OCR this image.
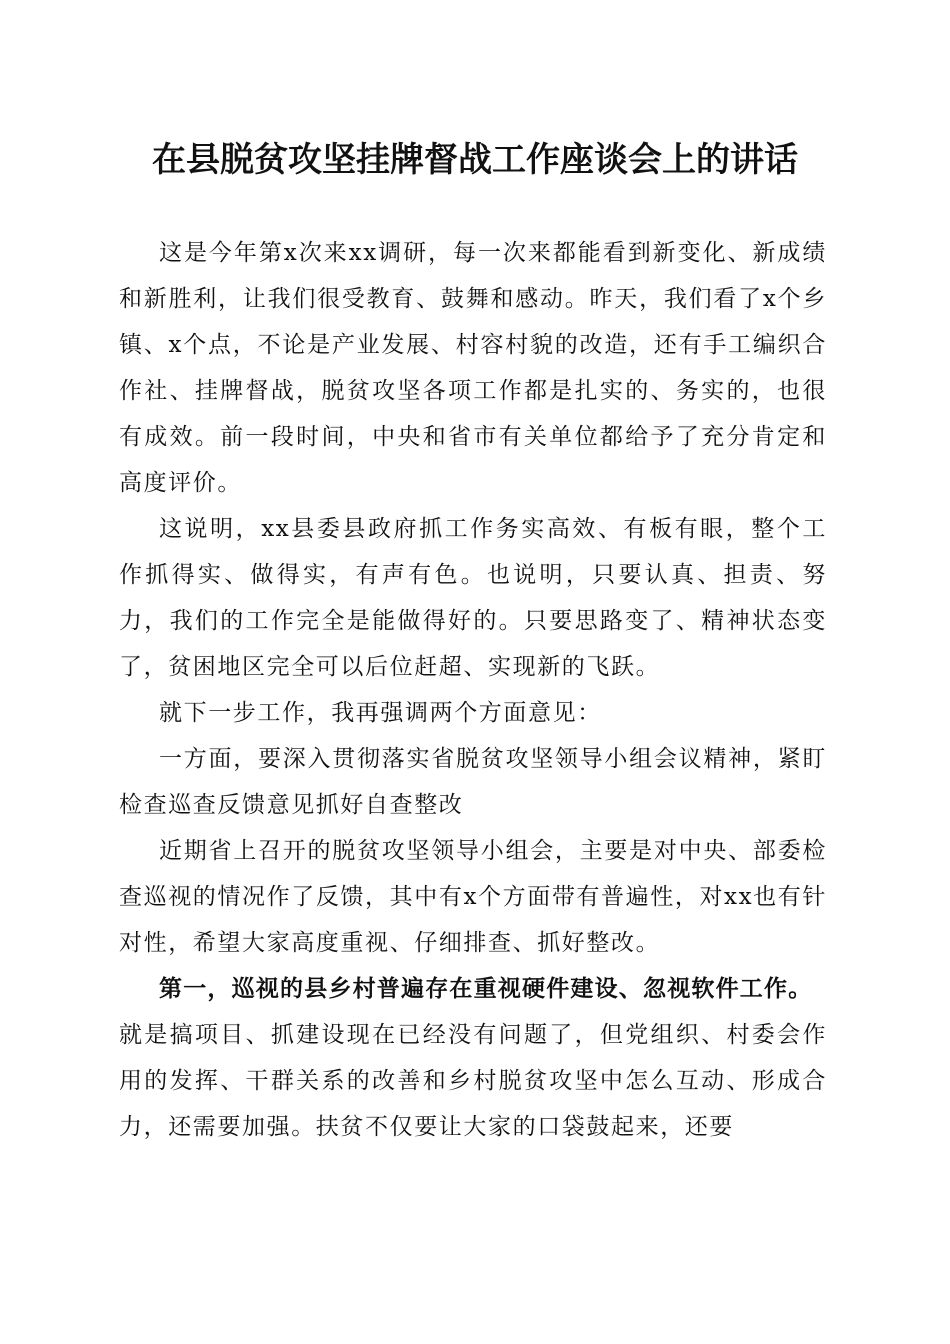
在县脱贫攻坚挂牌督战工作座谈会上的讲话

这是今年第x次来xx调研，每一次来都能看到新变化、新成绩和新胜利，让我们很受教育、鼓舞和感动。昨天，我们看了x个乡镇、x个点，不论是产业发展、村容村貌的改造，还有手工编织合作社、挂牌督战，脱贫攻坚各项工作都是扎实的、务实的，也很有成效。前一段时间，中央和省市有关单位都给予了充分肯定和高度评价。

这说明，xx县委县政府抓工作务实高效、有板有眼，整个工作抓得实、做得实，有声有色。也说明，只要认真、担责、努力，我们的工作完全是能做得好的。只要思路变了、精神状态变了，贫困地区完全可以后位赶超、实现新的飞跃。

就下一步工作，我再强调两个方面意见：

一方面，要深入贯彻落实省脱贫攻坚领导小组会议精神，紧盯检查巡查反馈意见抓好自查整改

近期省上召开的脱贫攻坚领导小组会，主要是对中央、部委检查巡视的情况作了反馈，其中有x个方面带有普遍性，对xx也有针对性，希望大家高度重视、仔细排查、抓好整改。

第一，巡视的县乡村普遍存在重视硬件建设、忽视软件工作。

就是搞项目、抓建设现在已经没有问题了，但党组织、村委会作用的发挥、干群关系的改善和乡村脱贫攻坚中怎么互动、形成合力，还需要加强。扶贫不仅要让大家的口袋鼓起来，还要
